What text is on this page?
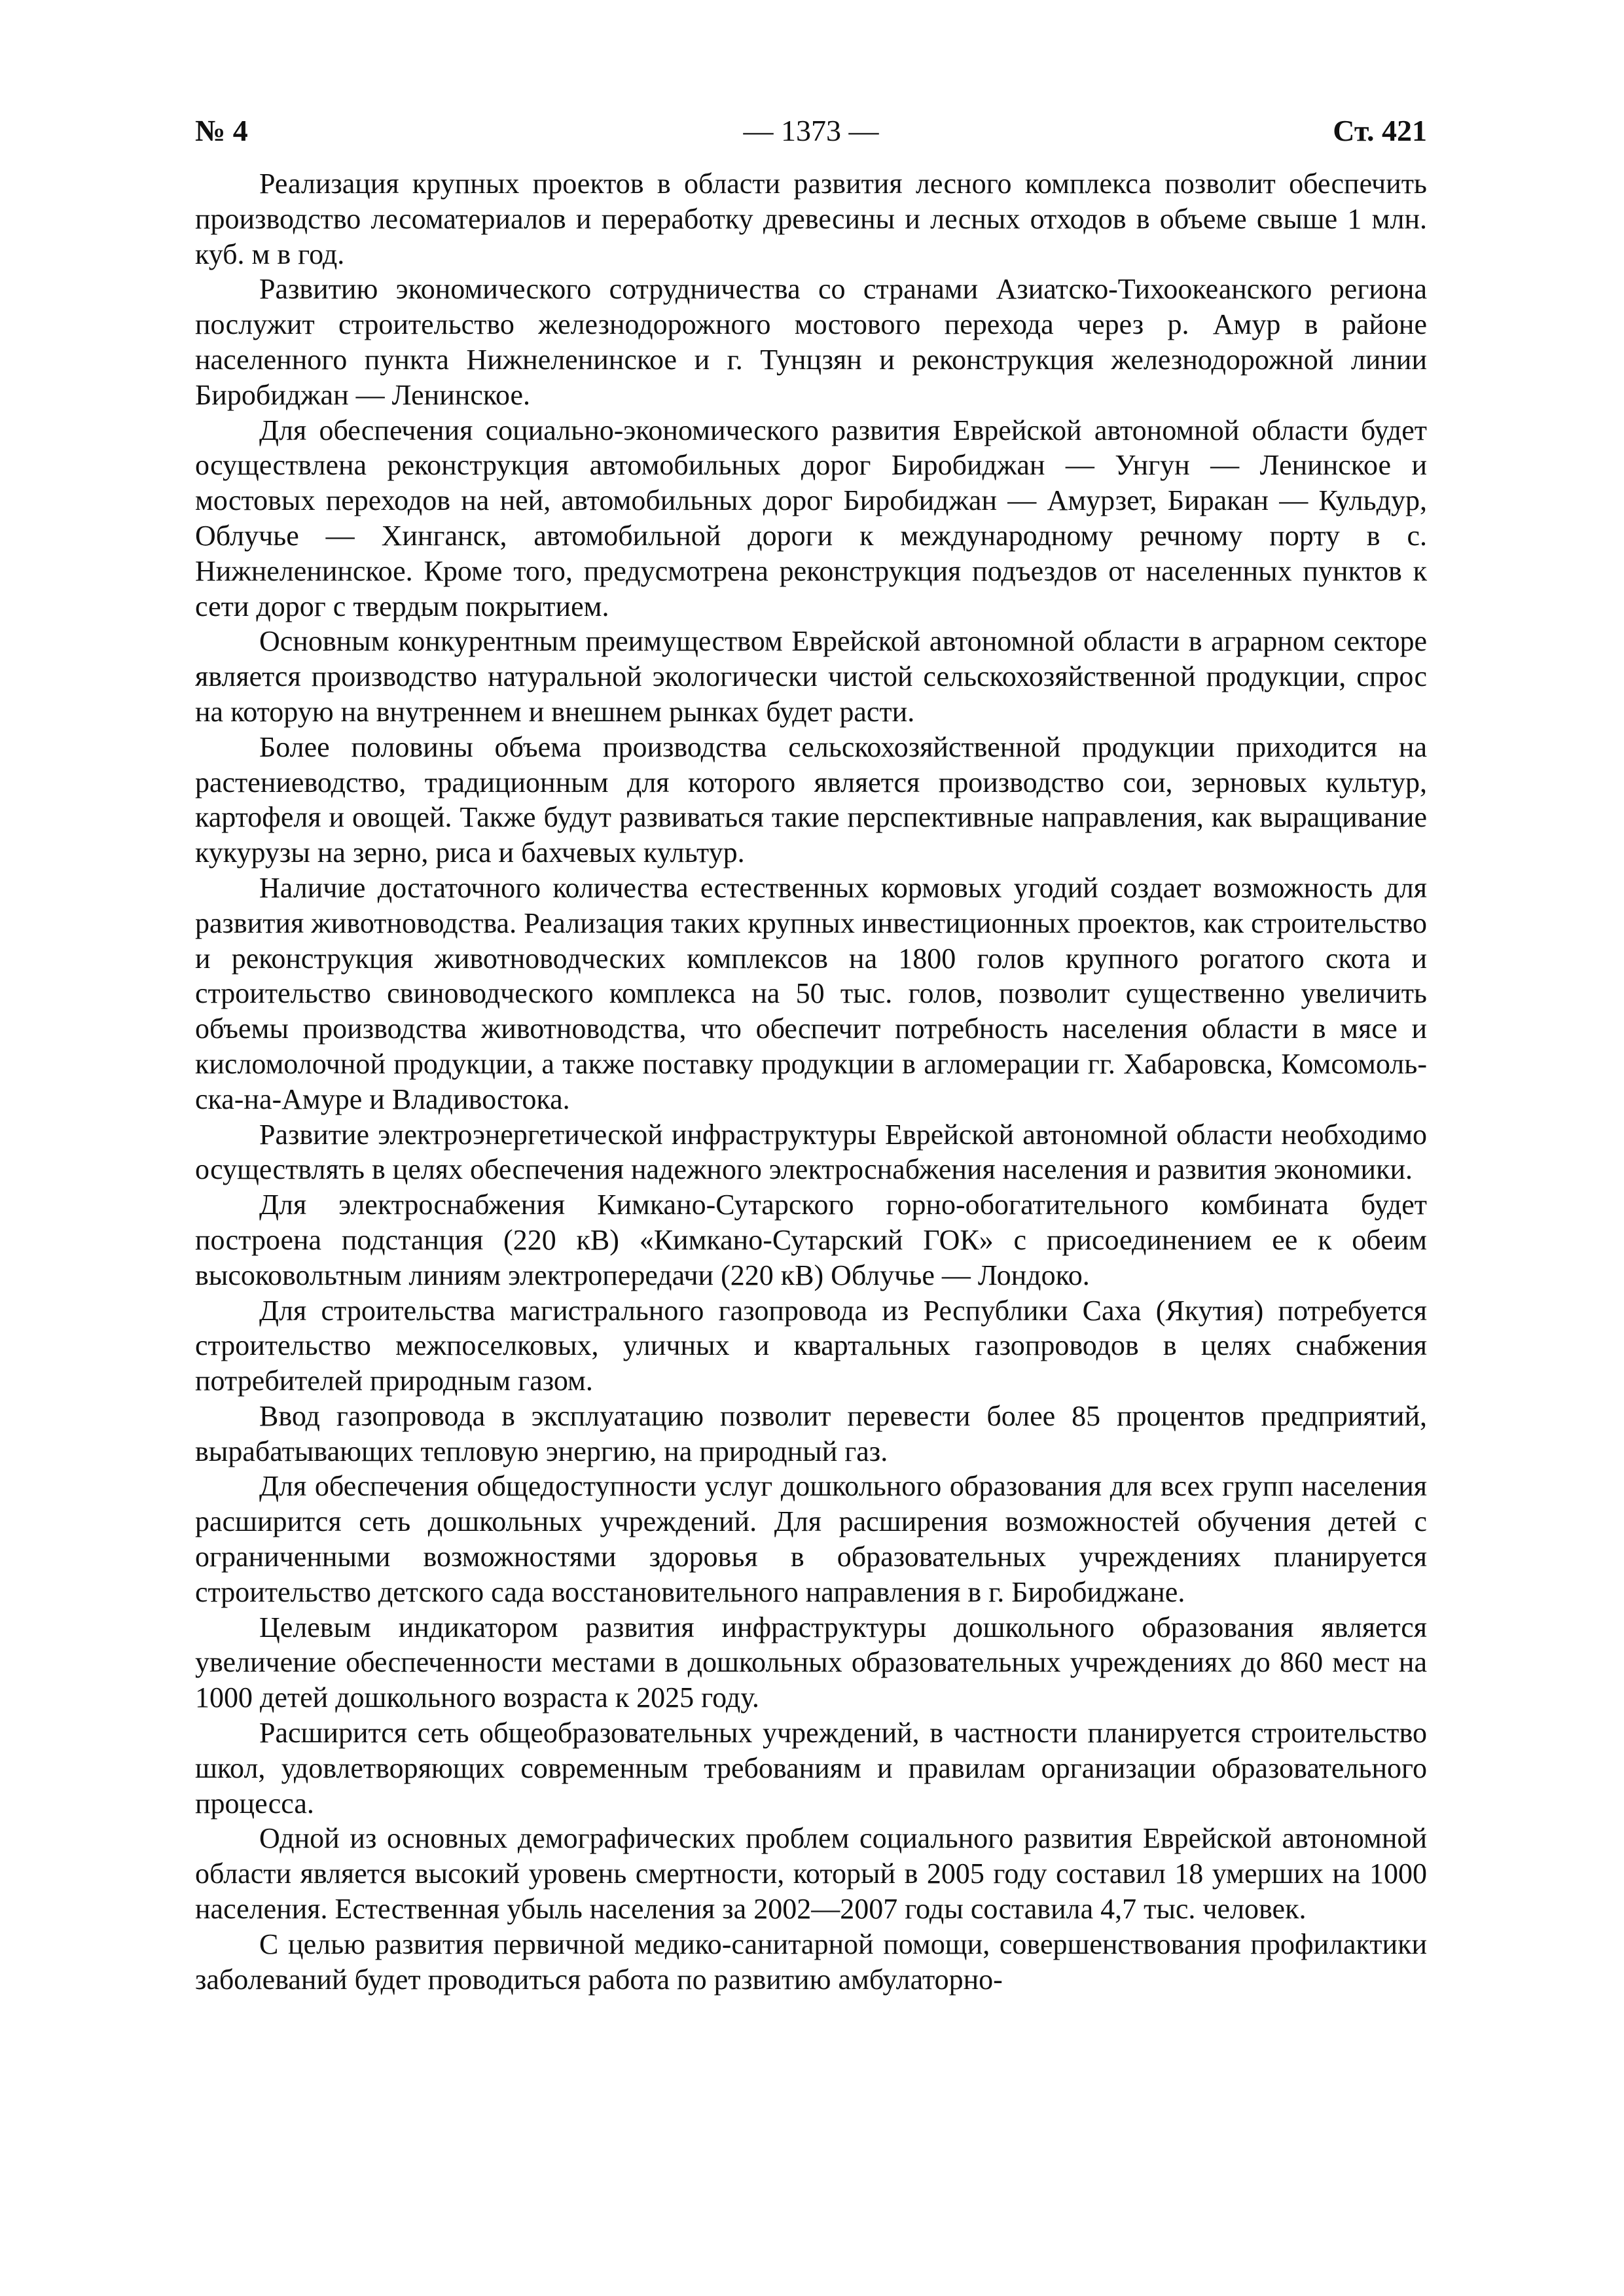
№ 4	— 1373 —	Ст. 421

Реализация крупных проектов в области развития лесного комплекса позволит обеспечить производство лесоматериалов и переработку древесины и лесных отходов в объеме свыше 1 млн. куб. м в год.

Развитию экономического сотрудничества со странами Азиатско-Тихоокеанского региона послужит строительство железнодорожного мостового перехода через р. Амур в районе населенного пункта Нижнеленинское и г. Тунцзян и реконструкция железнодорожной линии Биробиджан — Ленинское.

Для обеспечения социально-экономического развития Еврейской автономной области будет осуществлена реконструкция автомобильных дорог Биробиджан — Унгун — Ленинское и мостовых переходов на ней, автомобильных дорог Биробиджан — Амурзет, Биракан — Кульдур, Облучье — Хинганск, автомобильной дороги к международному речному порту в с. Нижнеленинское. Кроме того, предусмотрена реконструкция подъездов от населенных пунктов к сети дорог с твердым покрытием.

Основным конкурентным преимуществом Еврейской автономной области в аграрном секторе является производство натуральной экологически чистой сельскохозяйственной продукции, спрос на которую на внутреннем и внешнем рынках будет расти.

Более половины объема производства сельскохозяйственной продукции приходится на растениеводство, традиционным для которого является производство сои, зерновых культур, картофеля и овощей. Также будут развиваться такие перспективные направления, как выращивание кукурузы на зерно, риса и бахчевых культур.

Наличие достаточного количества естественных кормовых угодий создает возможность для развития животноводства. Реализация таких крупных инвестиционных проектов, как строительство и реконструкция животноводческих комплексов на 1800 голов крупного рогатого скота и строительство свиноводческого комплекса на 50 тыс. голов, позволит существенно увеличить объемы производства животноводства, что обеспечит потребность населения области в мясе и кисломолочной продукции, а также поставку продукции в агломерации гг. Хабаровска, Комсомольска-на-Амуре и Владивостока.

Развитие электроэнергетической инфраструктуры Еврейской автономной области необходимо осуществлять в целях обеспечения надежного электроснабжения населения и развития экономики.

Для электроснабжения Кимкано-Сутарского горно-обогатительного комбината будет построена подстанция (220 кВ) «Кимкано-Сутарский ГОК» с присоединением ее к обеим высоковольтным линиям электропередачи (220 кВ) Облучье — Лондоко.

Для строительства магистрального газопровода из Республики Саха (Якутия) потребуется строительство межпоселковых, уличных и квартальных газопроводов в целях снабжения потребителей природным газом.

Ввод газопровода в эксплуатацию позволит перевести более 85 процентов предприятий, вырабатывающих тепловую энергию, на природный газ.

Для обеспечения общедоступности услуг дошкольного образования для всех групп населения расширится сеть дошкольных учреждений. Для расширения возможностей обучения детей с ограниченными возможностями здоровья в образовательных учреждениях планируется строительство детского сада восстановительного направления в г. Биробиджане.

Целевым индикатором развития инфраструктуры дошкольного образования является увеличение обеспеченности местами в дошкольных образовательных учреждениях до 860 мест на 1000 детей дошкольного возраста к 2025 году.

Расширится сеть общеобразовательных учреждений, в частности планируется строительство школ, удовлетворяющих современным требованиям и правилам организации образовательного процесса.

Одной из основных демографических проблем социального развития Еврейской автономной области является высокий уровень смертности, который в 2005 году составил 18 умерших на 1000 населения. Естественная убыль населения за 2002—2007 годы составила 4,7 тыс. человек.

С целью развития первичной медико-санитарной помощи, совершенствования профилактики заболеваний будет проводиться работа по развитию амбулаторно-
